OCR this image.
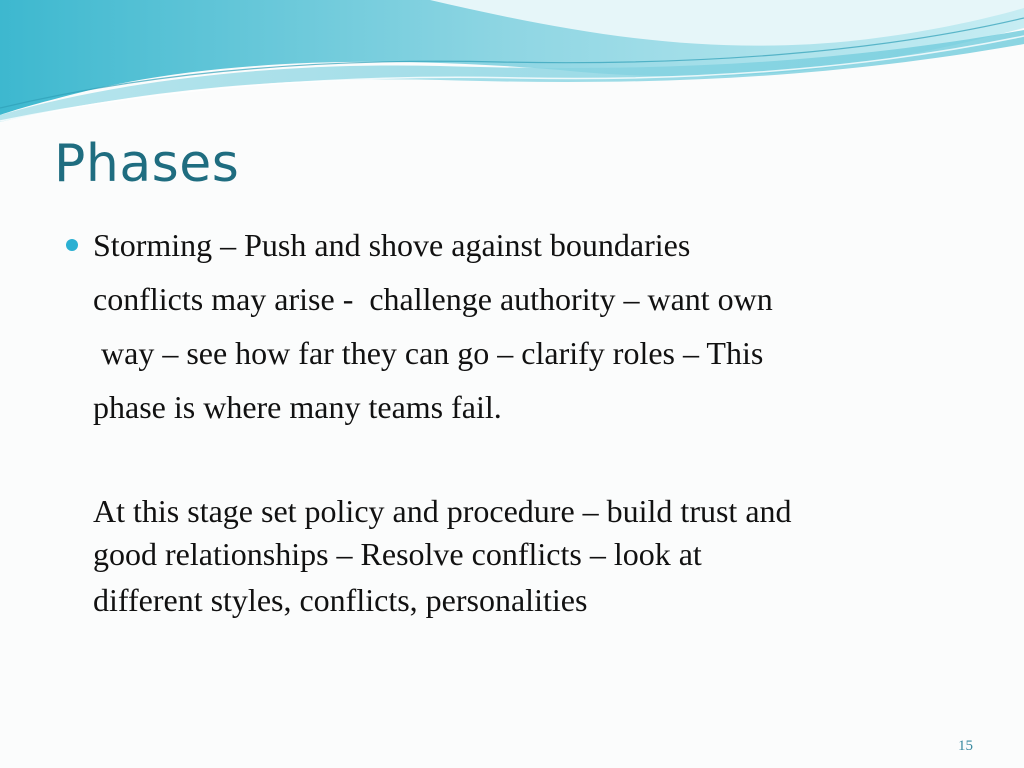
Phases
Storming – Push and shove against boundaries
conflicts may arise -  challenge authority – want own
way – see how far they can go – clarify roles – This
phase is where many teams fail.
At this stage set policy and procedure – build trust and
good relationships – Resolve conflicts – look at
different styles, conflicts, personalities
15
